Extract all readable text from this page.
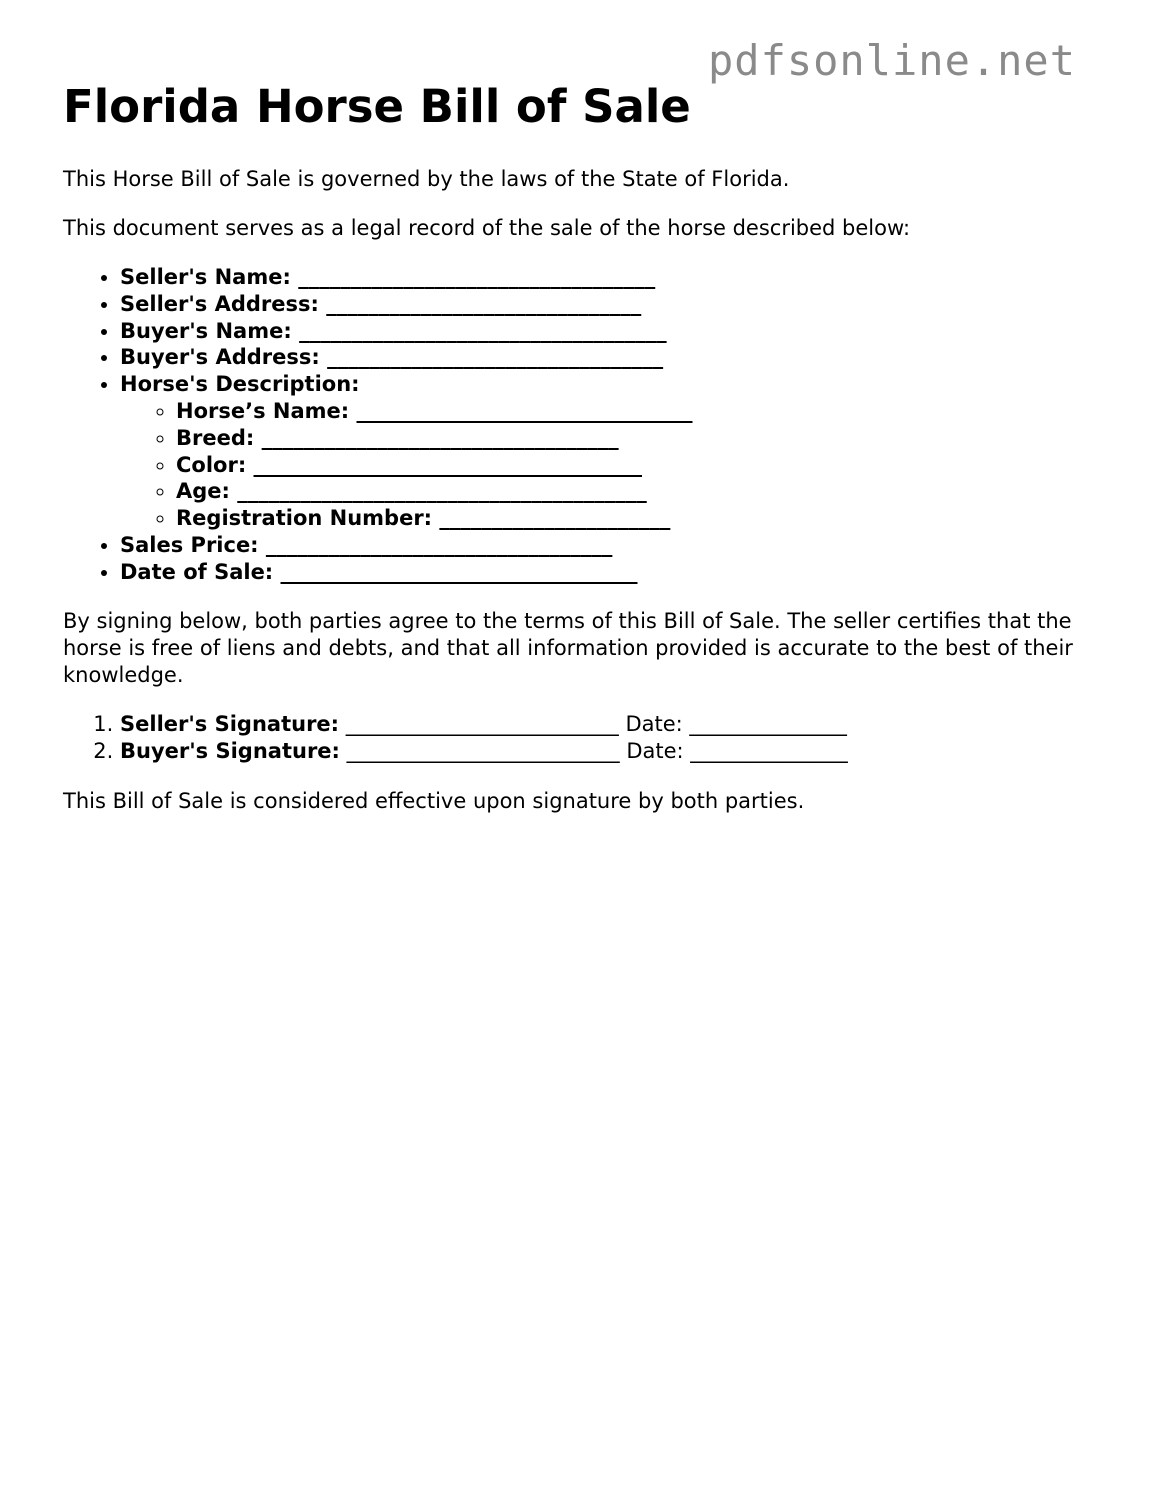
pdfsonline.net
Florida Horse Bill of Sale

This Horse Bill of Sale is governed by the laws of the State of Florida.

This document serves as a legal record of the sale of the horse described below:

• Seller's Name: __________________________________
• Seller's Address: ______________________________
• Buyer's Name: ___________________________________
• Buyer's Address: ________________________________
• Horse's Description:
◦ Horse’s Name: ________________________________
◦ Breed: __________________________________
◦ Color: _____________________________________
◦ Age: _______________________________________
◦ Registration Number: ______________________
• Sales Price: _________________________________
• Date of Sale: __________________________________

By signing below, both parties agree to the terms of this Bill of Sale. The seller certifies that the horse is free of liens and debts, and that all information provided is accurate to the best of their knowledge.

1. Seller's Signature: __________________________ Date: _______________
2. Buyer's Signature: __________________________ Date: _______________

This Bill of Sale is considered effective upon signature by both parties.
